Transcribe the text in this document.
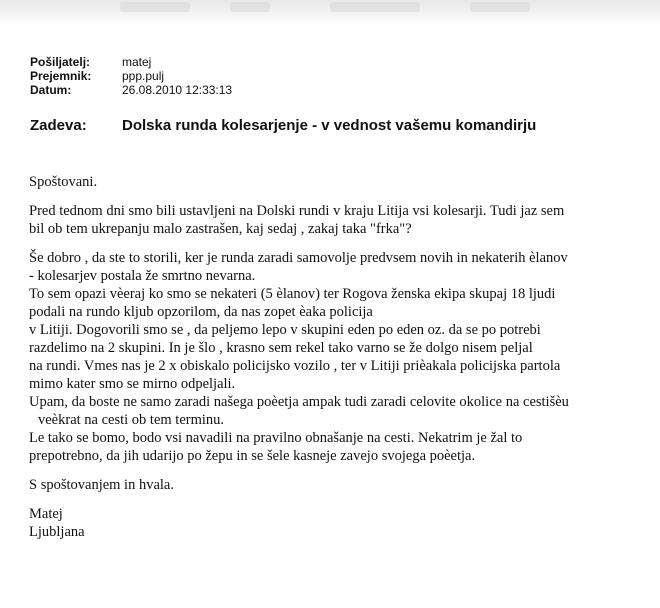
Pošiljatelj:	matej
Prejemnik:	ppp.pulj
Datum:	26.08.2010 12:33:13
Zadeva:	Dolska runda kolesarjenje - v vednost vašemu komandirju
Spoštovani.
Pred tednom dni smo bili ustavljeni na Dolski rundi v kraju Litija vsi kolesarji. Tudi jaz sem
bil ob tem ukrepanju malo zastrašen, kaj sedaj , zakaj taka "frka"?
Še dobro , da ste to storili, ker je runda zaradi samovolje predvsem novih in nekaterih èlanov
- kolesarjev postala že smrtno nevarna.
To sem opazi vèeraj ko smo se nekateri (5 èlanov) ter Rogova ženska ekipa skupaj 18 ljudi
podali na rundo kljub opzorilom, da nas zopet èaka policija
v Litiji. Dogovorili smo se , da peljemo lepo v skupini eden po eden oz. da se po potrebi
razdelimo na 2 skupini. In je šlo , krasno sem rekel tako varno se že dolgo nisem peljal
na rundi. Vmes nas je 2 x obiskalo policijsko vozilo , ter v Litiji prièakala policijska partola
mimo kater smo se mirno odpeljali.
Upam, da boste ne samo zaradi našega poèetja ampak tudi zaradi celovite okolice na cestišèu
veèkrat na cesti ob tem terminu.
Le tako se bomo, bodo vsi navadili na pravilno obnašanje na cesti. Nekatrim je žal to
prepotrebno, da jih udarijo po žepu in se šele kasneje zavejo svojega poèetja.
S spoštovanjem in hvala.
Matej
Ljubljana
